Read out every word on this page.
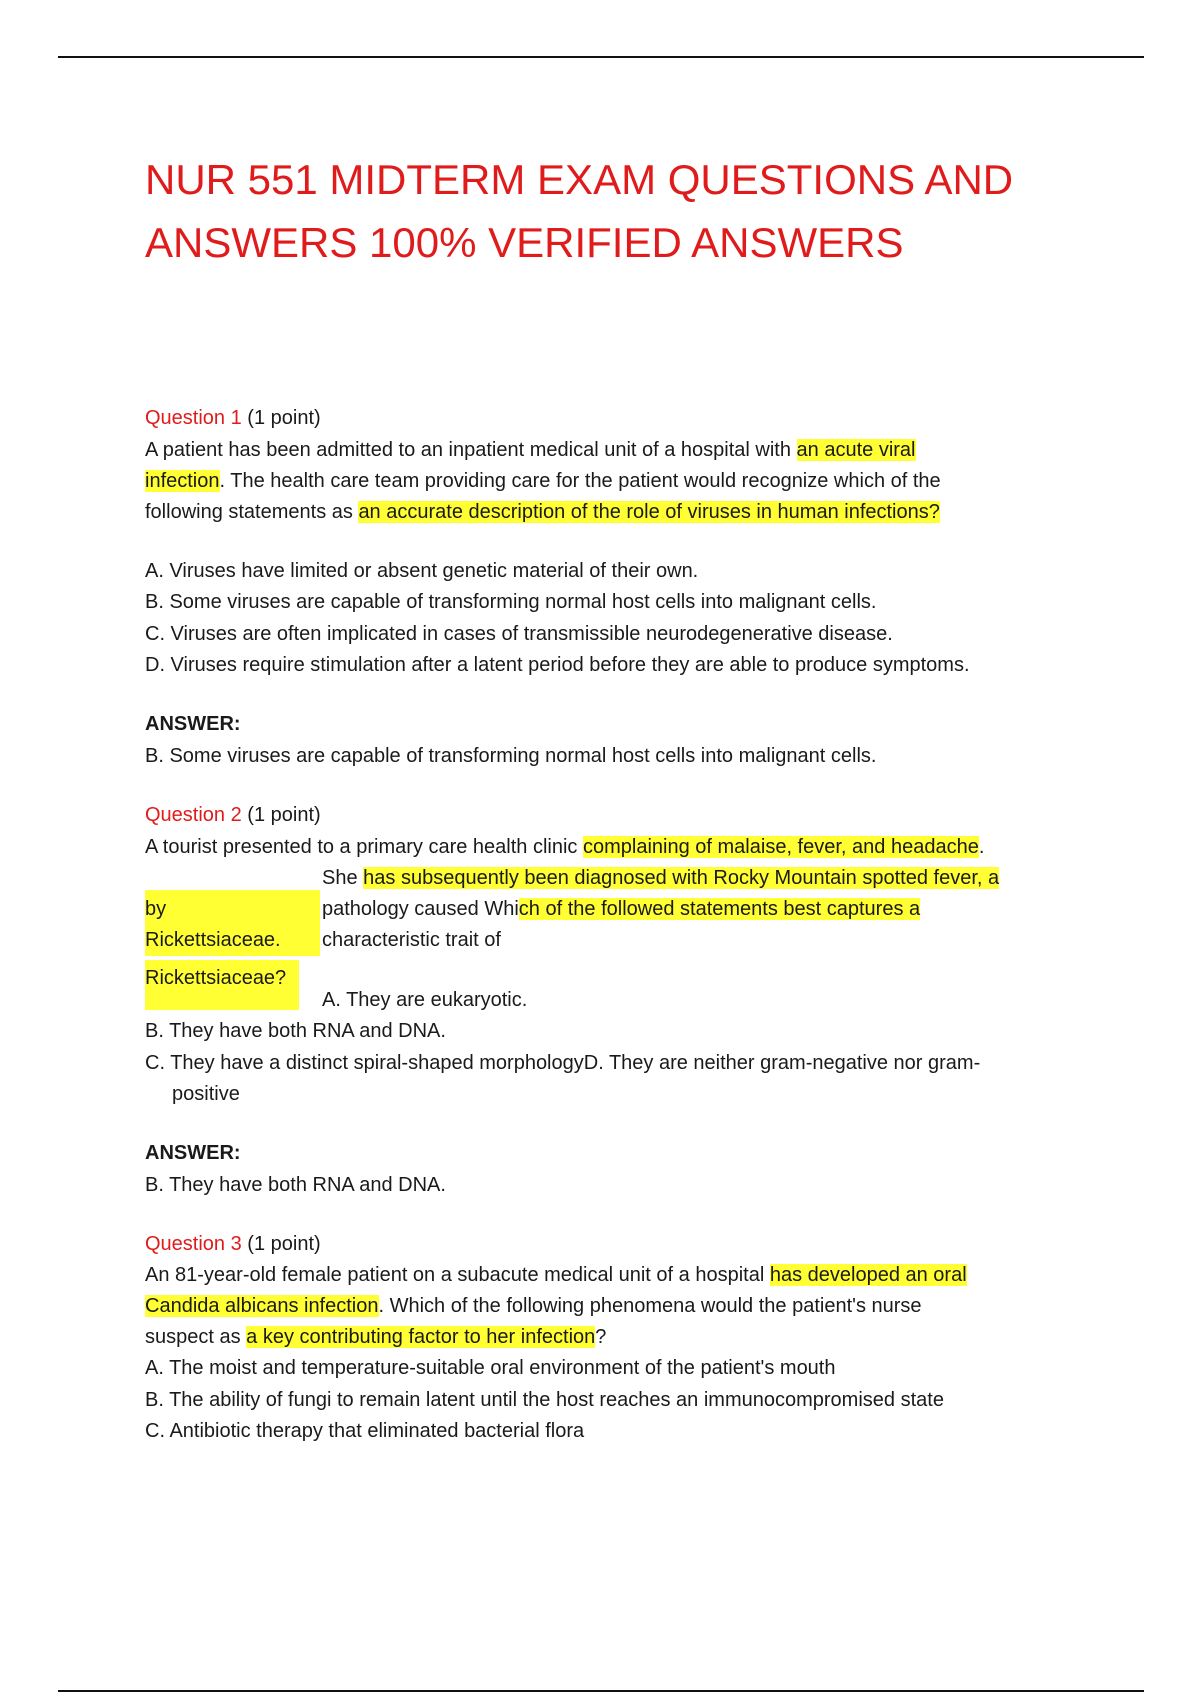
NUR 551 MIDTERM EXAM QUESTIONS AND
ANSWERS 100% VERIFIED ANSWERS
Question 1 (1 point)
A patient has been admitted to an inpatient medical unit of a hospital with an acute viral
infection. The health care team providing care for the patient would recognize which of the
following statements as an accurate description of the role of viruses in human infections?
A. Viruses have limited or absent genetic material of their own.
B. Some viruses are capable of transforming normal host cells into malignant cells.
C. Viruses are often implicated in cases of transmissible neurodegenerative disease.
D. Viruses require stimulation after a latent period before they are able to produce symptoms.
ANSWER:
B. Some viruses are capable of transforming normal host cells into malignant cells.
Question 2 (1 point)
A tourist presented to a primary care health clinic complaining of malaise, fever, and headache.
She has subsequently been diagnosed with Rocky Mountain spotted fever, a
by	pathology caused Which of the followed statements best captures a
Rickettsiaceae. characteristic trait of
Rickettsiaceae?
A. They are eukaryotic.
B. They have both RNA and DNA.
C. They have a distinct spiral-shaped morphologyD. They are neither gram-negative nor gram-
positive
ANSWER:
B. They have both RNA and DNA.
Question 3 (1 point)
An 81-year-old female patient on a subacute medical unit of a hospital has developed an oral
Candida albicans infection. Which of the following phenomena would the patient's nurse
suspect as a key contributing factor to her infection?
A. The moist and temperature-suitable oral environment of the patient's mouth
B. The ability of fungi to remain latent until the host reaches an immunocompromised state
C. Antibiotic therapy that eliminated bacterial flora
